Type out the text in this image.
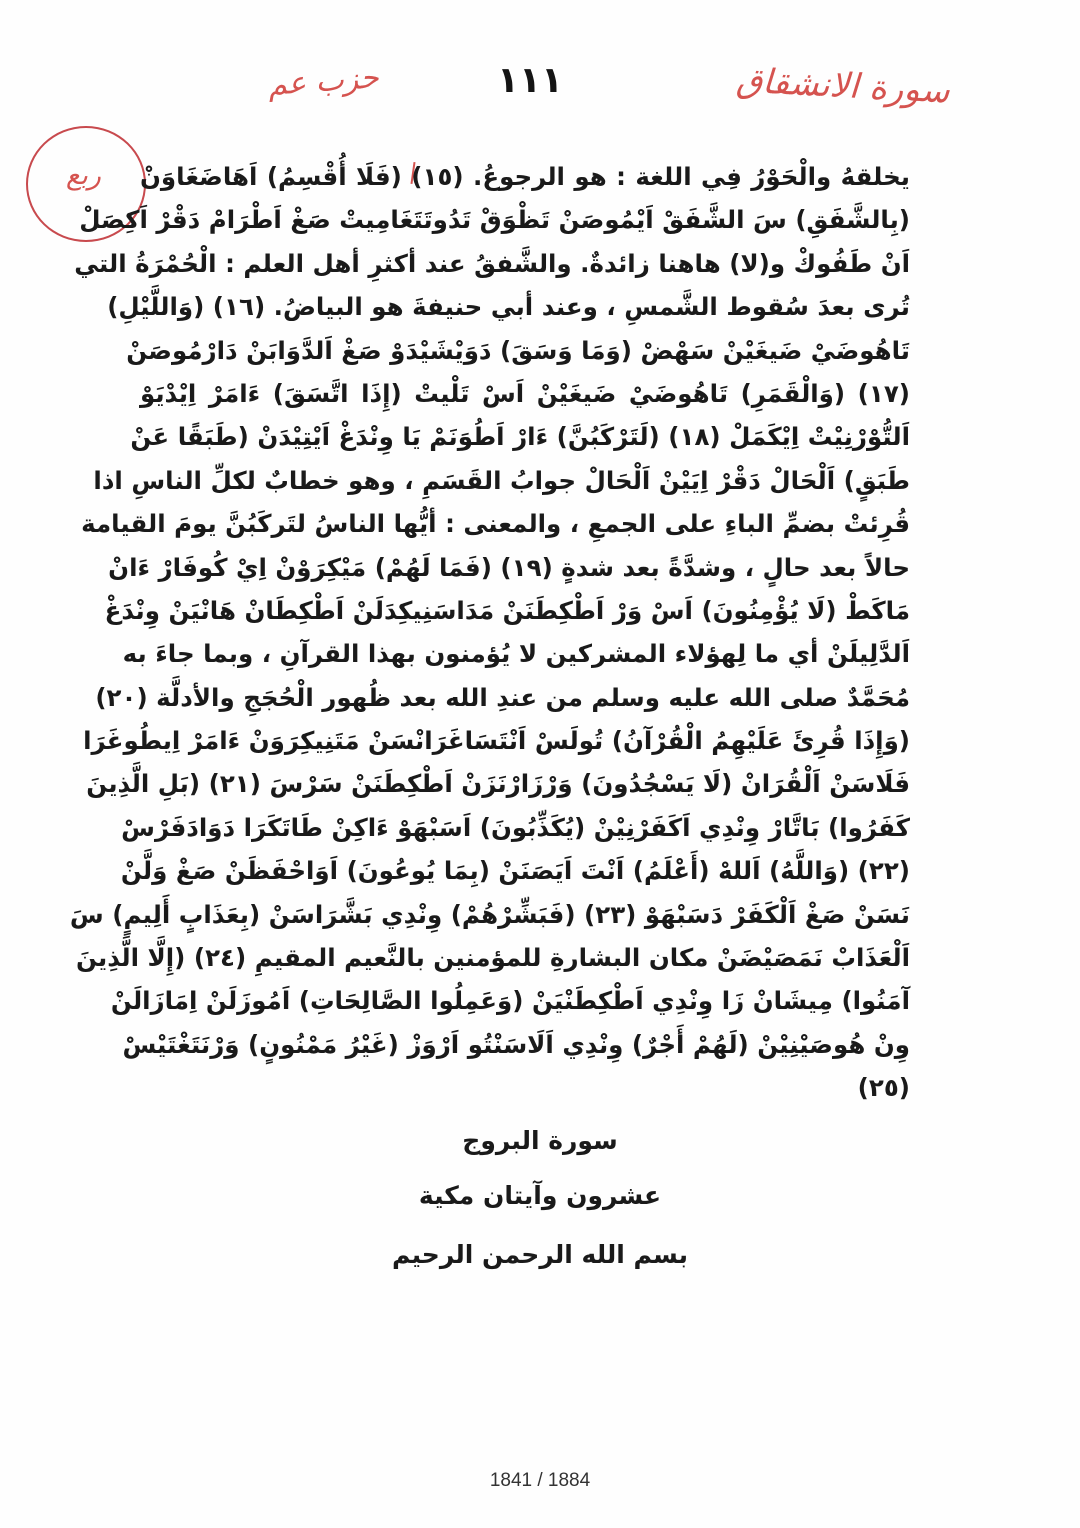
حزب عم	١١١	سورة الانشقاق
ربع يخلقهُ والْحَوْرُ فِي اللغة : هو الرجوعُ. (١٥) (فَلَا أُقْسِمُ) اَهَاضَغَاوَنْ
(بِالشَّفَقِ) سَ الشَّفَقْ اَيْمُوصَنْ تَظْوَقْ تَدُوتَتَغَامِيتْ صَغْ اَطْرَامْ دَقْرْ اَكِصَلْ
اَنْ طَفُوكْ و(لا) هاهنا زائدةٌ. والشَّفقُ عند أكثرِ أهل العلم : الْحُمْرَةُ التي
تُرى بعدَ سُقوط الشَّمسِ ، وعند أبي حنيفةَ هو البياضُ. (١٦) (وَاللَّيْلِ)
تَاهُوضَيْ ضَيغَيْنْ سَهْضْ (وَمَا وَسَقَ) دَوَيْشَيْدَوْ صَغْ اَلدَّوَابَنْ دَارْمُوصَنْ
(١٧) (وَالْقَمَرِ) تَاهُوضَيْ ضَيغَيْنْ اَسْ تَلْيتْ (إِذَا اتَّسَقَ) ءَامَرْ اِيْدْيَوْ
اَلتُّوْرْنِيْتْ اِيْكَمَلْ (١٨) (لَتَرْكَبُنَّ) ءَارْ اَطُوَنَمْ يَا وِنْدَغْ اَيْتِيْدَنْ (طَبَقًا عَنْ
طَبَقٍ) اَلْحَالْ دَقْرْ اِيَيْنْ اَلْحَالْ جوابُ القَسَمِ ، وهو خطابٌ لكلِّ الناسِ اذا
قُرِئتْ بضمِّ الباءِ على الجمعِ ، والمعنى : أيُّها الناسُ لتَركَبُنَّ يومَ القيامة
حالاً بعد حالٍ ، وشدَّةً بعد شدةٍ (١٩) (فَمَا لَهُمْ) مَيْكِرَوْنْ اِيْ كُوفَارْ ءَانْ
مَاكَطْ (لَا يُؤْمِنُونَ) اَسْ وَرْ اَطْكِطَنَنْ مَدَاسَنِيكِدَلَنْ اَطْكِطَانْ هَانْيَنْ وِنْدَغْ
اَلدَّلِيلَنْ أي ما لِهؤلاء المشركين لا يُؤمنون بهذا القرآنِ ، وبما جاءَ به
مُحَمَّدٌ صلى الله عليه وسلم من عندِ الله بعد ظُهور الْحُجَجِ والأدلَّة (٢٠)
(وَإِذَا قُرِئَ عَلَيْهِمُ الْقُرْآنُ) تُولَسْ اَنْتَسَاغَرَانْسَنْ مَتَنِيكِرَوَنْ ءَامَرْ اِيطُوغَرَا
فَلَاسَنْ اَلْقُرَانْ (لَا يَسْجُدُونَ) وَرْزَارْنَزَنْ اَطْكِطَنَنْ سَرْسَ (٢١) (بَلِ الَّذِينَ
كَفَرُوا) بَاتَّارْ وِنْدِي اَكَفَرْنِيْنْ (يُكَذِّبُونَ) اَسَبْهَوْ ءَاكِنْ طَاتَكَرَا دَوَادَفَرْسْ
(٢٢) (وَاللَّهُ) اَللهْ (أَعْلَمُ) اَنْتَ اَيَصَنَنْ (بِمَا يُوعُونَ) اَوَاحْفَظَنْ صَغْ وَلَّنْ
نَسَنْ صَغْ اَلْكَفَرْ دَسَبْهَوْ (٢٣) (فَبَشِّرْهُمْ) وِنْدِي بَشَّرَاسَنْ (بِعَذَابٍ أَلِيمٍ) سَ
اَلْعَذَابْ نَمَصَيْضَنْ مكان البشارةِ للمؤمنين بالنَّعيم المقيمِ (٢٤) (إِلَّا الَّذِينَ
آمَنُوا) مِيشَانْ زَا وِنْدِي اَطْكِطَنْيَنْ (وَعَمِلُوا الصَّالِحَاتِ) اَمُوزَلَنْ اِمَازَالَنْ
وِنْ هُوصَيْنِيْنْ (لَهُمْ أَجْرٌ) وِنْدِي اَلَاسَنْتُو اَرْوَزْ (غَيْرُ مَمْنُونٍ) وَرْنَتَغْتَيْسْ
(٢٥)
سورة البروج
عشرون وآيتان مكية
بسم الله الرحمن الرحيم
1841 / 1884
